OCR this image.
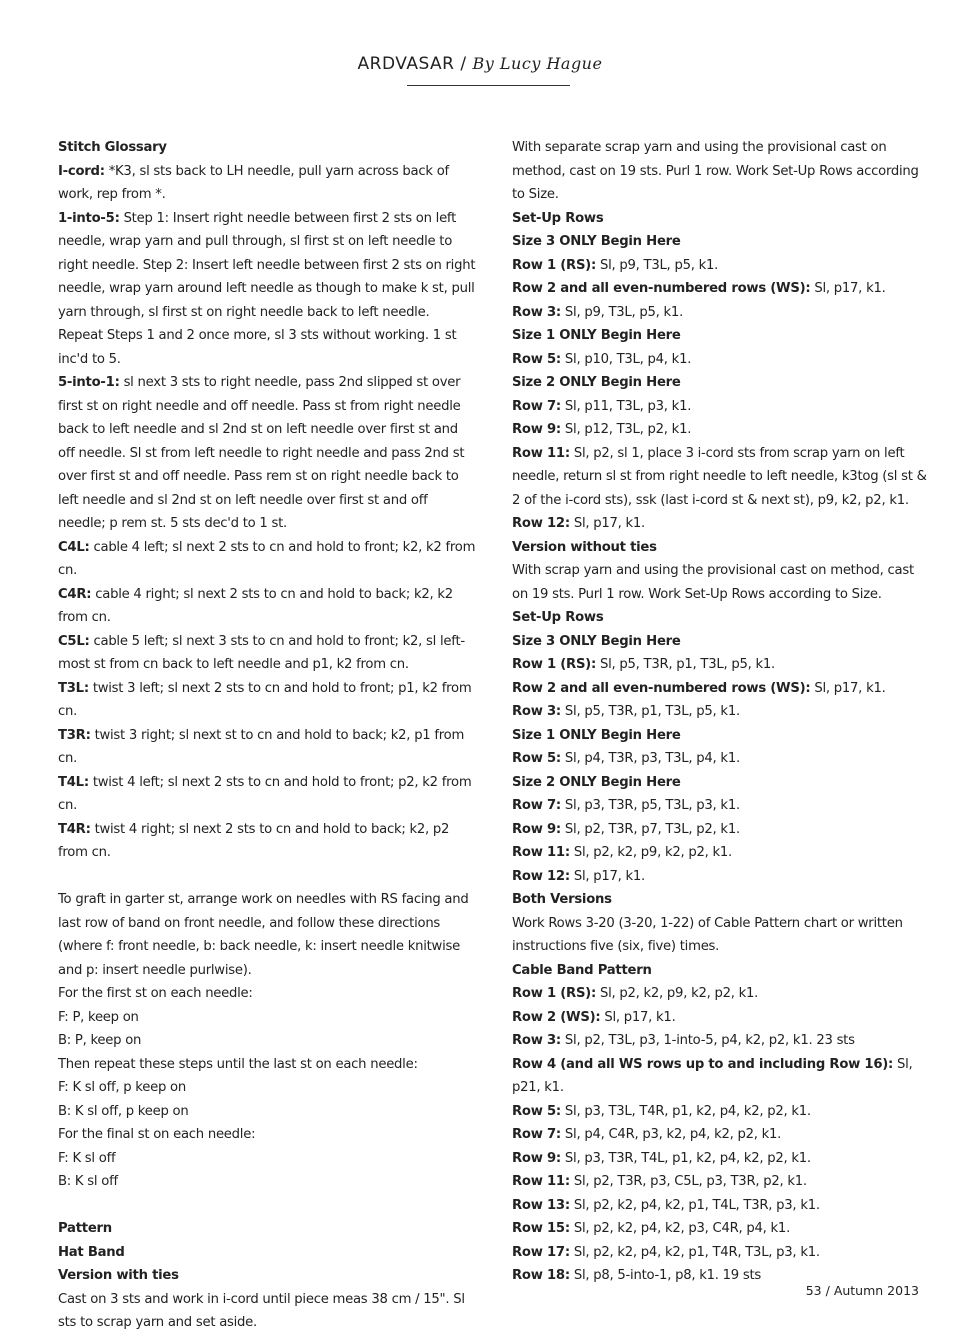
ARDVASAR / By Lucy Hague

Stitch Glossary

I-cord: *K3, sl sts back to LH needle, pull yarn across back of work, rep from *.

1-into-5: Step 1: Insert right needle between first 2 sts on left needle, wrap yarn and pull through, sl first st on left needle to right needle. Step 2: Insert left needle between first 2 sts on right needle, wrap yarn around left needle as though to make k st, pull yarn through, sl first st on right needle back to left needle. Repeat Steps 1 and 2 once more, sl 3 sts without working. 1 st inc'd to 5.

5-into-1: sl next 3 sts to right needle, pass 2nd slipped st over first st on right needle and off needle. Pass st from right needle back to left needle and sl 2nd st on left needle over first st and off needle. Sl st from left needle to right needle and pass 2nd st over first st and off needle. Pass rem st on right needle back to left needle and sl 2nd st on left needle over first st and off needle; p rem st. 5 sts dec'd to 1 st.

C4L: cable 4 left; sl next 2 sts to cn and hold to front; k2, k2 from cn.

C4R: cable 4 right; sl next 2 sts to cn and hold to back; k2, k2 from cn.

C5L: cable 5 left; sl next 3 sts to cn and hold to front; k2, sl left-most st from cn back to left needle and p1, k2 from cn.

T3L: twist 3 left; sl next 2 sts to cn and hold to front; p1, k2 from cn.

T3R: twist 3 right; sl next st to cn and hold to back; k2, p1 from cn.

T4L: twist 4 left; sl next 2 sts to cn and hold to front; p2, k2 from cn.

T4R: twist 4 right; sl next 2 sts to cn and hold to back; k2, p2 from cn.

To graft in garter st, arrange work on needles with RS facing and last row of band on front needle, and follow these directions (where f: front needle, b: back needle, k: insert needle knitwise and p: insert needle purlwise).

For the first st on each needle:

F: P, keep on

B: P, keep on

Then repeat these steps until the last st on each needle:

F: K sl off, p keep on

B: K sl off, p keep on

For the final st on each needle:

F: K sl off

B: K sl off

Pattern

Hat Band

Version with ties

Cast on 3 sts and work in i-cord until piece meas 38 cm / 15". Sl sts to scrap yarn and set aside.

With separate scrap yarn and using the provisional cast on method, cast on 19 sts. Purl 1 row. Work Set-Up Rows according to Size.

Set-Up Rows

Size 3 ONLY Begin Here

Row 1 (RS): Sl, p9, T3L, p5, k1.

Row 2 and all even-numbered rows (WS): Sl, p17, k1.

Row 3: Sl, p9, T3L, p5, k1.

Size 1 ONLY Begin Here

Row 5: Sl, p10, T3L, p4, k1.

Size 2 ONLY Begin Here

Row 7: Sl, p11, T3L, p3, k1.

Row 9: Sl, p12, T3L, p2, k1.

Row 11: Sl, p2, sl 1, place 3 i-cord sts from scrap yarn on left needle, return sl st from right needle to left needle, k3tog (sl st & 2 of the i-cord sts), ssk (last i-cord st & next st), p9, k2, p2, k1.

Row 12: Sl, p17, k1.

Version without ties

With scrap yarn and using the provisional cast on method, cast on 19 sts. Purl 1 row. Work Set-Up Rows according to Size.

Set-Up Rows

Size 3 ONLY Begin Here

Row 1 (RS): Sl, p5, T3R, p1, T3L, p5, k1.

Row 2 and all even-numbered rows (WS): Sl, p17, k1.

Row 3: Sl, p5, T3R, p1, T3L, p5, k1.

Size 1 ONLY Begin Here

Row 5: Sl, p4, T3R, p3, T3L, p4, k1.

Size 2 ONLY Begin Here

Row 7: Sl, p3, T3R, p5, T3L, p3, k1.

Row 9: Sl, p2, T3R, p7, T3L, p2, k1.

Row 11: Sl, p2, k2, p9, k2, p2, k1.

Row 12: Sl, p17, k1.

Both Versions

Work Rows 3-20 (3-20, 1-22) of Cable Pattern chart or written instructions five (six, five) times.

Cable Band Pattern

Row 1 (RS): Sl, p2, k2, p9, k2, p2, k1.

Row 2 (WS): Sl, p17, k1.

Row 3: Sl, p2, T3L, p3, 1-into-5, p4, k2, p2, k1. 23 sts

Row 4 (and all WS rows up to and including Row 16): Sl, p21, k1.

Row 5: Sl, p3, T3L, T4R, p1, k2, p4, k2, p2, k1.

Row 7: Sl, p4, C4R, p3, k2, p4, k2, p2, k1.

Row 9: Sl, p3, T3R, T4L, p1, k2, p4, k2, p2, k1.

Row 11: Sl, p2, T3R, p3, C5L, p3, T3R, p2, k1.

Row 13: Sl, p2, k2, p4, k2, p1, T4L, T3R, p3, k1.

Row 15: Sl, p2, k2, p4, k2, p3, C4R, p4, k1.

Row 17: Sl, p2, k2, p4, k2, p1, T4R, T3L, p3, k1.

Row 18: Sl, p8, 5-into-1, p8, k1. 19 sts

53 / Autumn 2013
